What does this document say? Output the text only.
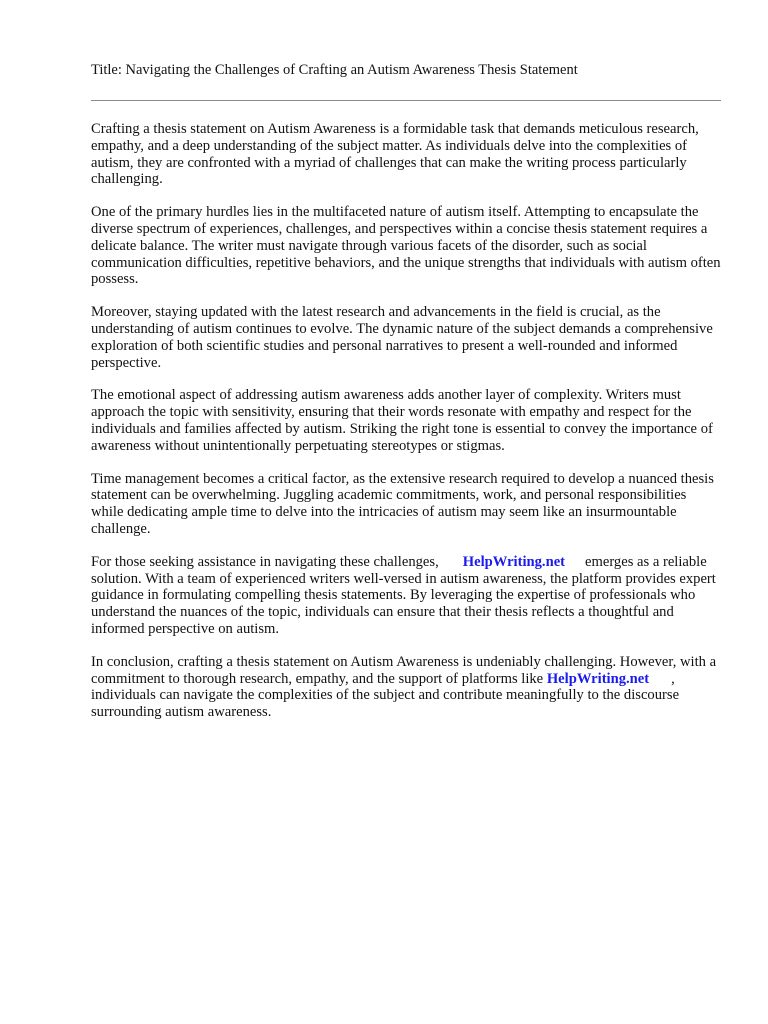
Title: Navigating the Challenges of Crafting an Autism Awareness Thesis Statement

Crafting a thesis statement on Autism Awareness is a formidable task that demands meticulous research, empathy, and a deep understanding of the subject matter. As individuals delve into the complexities of autism, they are confronted with a myriad of challenges that can make the writing process particularly challenging.

One of the primary hurdles lies in the multifaceted nature of autism itself. Attempting to encapsulate the diverse spectrum of experiences, challenges, and perspectives within a concise thesis statement requires a delicate balance. The writer must navigate through various facets of the disorder, such as social communication difficulties, repetitive behaviors, and the unique strengths that individuals with autism often possess.

Moreover, staying updated with the latest research and advancements in the field is crucial, as the understanding of autism continues to evolve. The dynamic nature of the subject demands a comprehensive exploration of both scientific studies and personal narratives to present a well-rounded and informed perspective.

The emotional aspect of addressing autism awareness adds another layer of complexity. Writers must approach the topic with sensitivity, ensuring that their words resonate with empathy and respect for the individuals and families affected by autism. Striking the right tone is essential to convey the importance of awareness without unintentionally perpetuating stereotypes or stigmas.

Time management becomes a critical factor, as the extensive research required to develop a nuanced thesis statement can be overwhelming. Juggling academic commitments, work, and personal responsibilities while dedicating ample time to delve into the intricacies of autism may seem like an insurmountable challenge.

For those seeking assistance in navigating these challenges, HelpWriting.net emerges as a reliable solution. With a team of experienced writers well-versed in autism awareness, the platform provides expert guidance in formulating compelling thesis statements. By leveraging the expertise of professionals who understand the nuances of the topic, individuals can ensure that their thesis reflects a thoughtful and informed perspective on autism.

In conclusion, crafting a thesis statement on Autism Awareness is undeniably challenging. However, with a commitment to thorough research, empathy, and the support of platforms like HelpWriting.net , individuals can navigate the complexities of the subject and contribute meaningfully to the discourse surrounding autism awareness.
